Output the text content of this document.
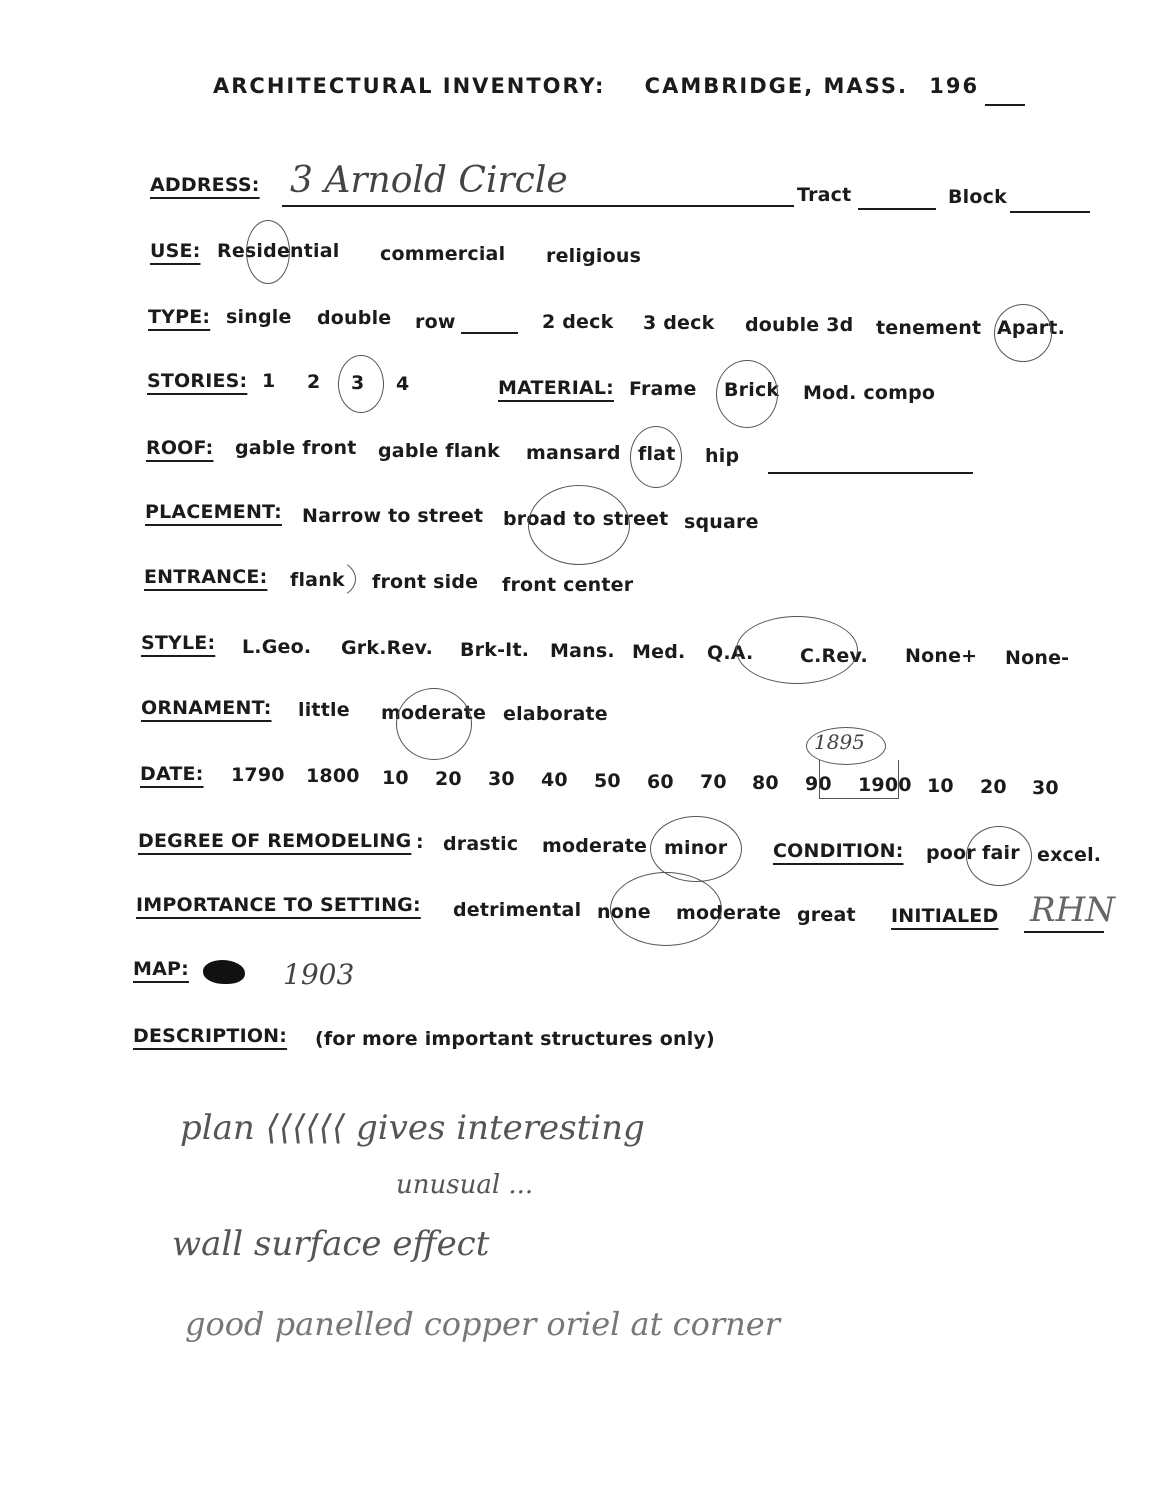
ARCHITECTURAL INVENTORY: CAMBRIDGE, MASS. 196
ADDRESS: 3 Arnold Circle	Tract	Block
USE: Residential commercial religious
TYPE: single double row	2 deck 3 deck double 3d tenement Apart.
STORIES: 1 2 3 4	MATERIAL: Frame Brick Mod. compo
ROOF: gable front gable flank mansard flat hip
PLACEMENT: Narrow to street broad to street square
ENTRANCE: flank front side front center
STYLE: L.Geo. Grk.Rev. Brk-It. Mans. Med. Q.A. C.Rev. None+ None-
ORNAMENT: little moderate elaborate
DATE: 1790 1800 10 20 30 40 50 60 70 80 90 1900 10 20 30
1895
DEGREE OF REMODELING : drastic moderate minor CONDITION: poor fair excel.
IMPORTANCE TO SETTING: detrimental none moderate great INITIALED RHN
MAP:	1903
DESCRIPTION: (for more important structures only)
plan ⟨⟨⟨⟨⟨⟨ gives interesting
unusual ...
wall surface effect
good panelled copper oriel at corner
